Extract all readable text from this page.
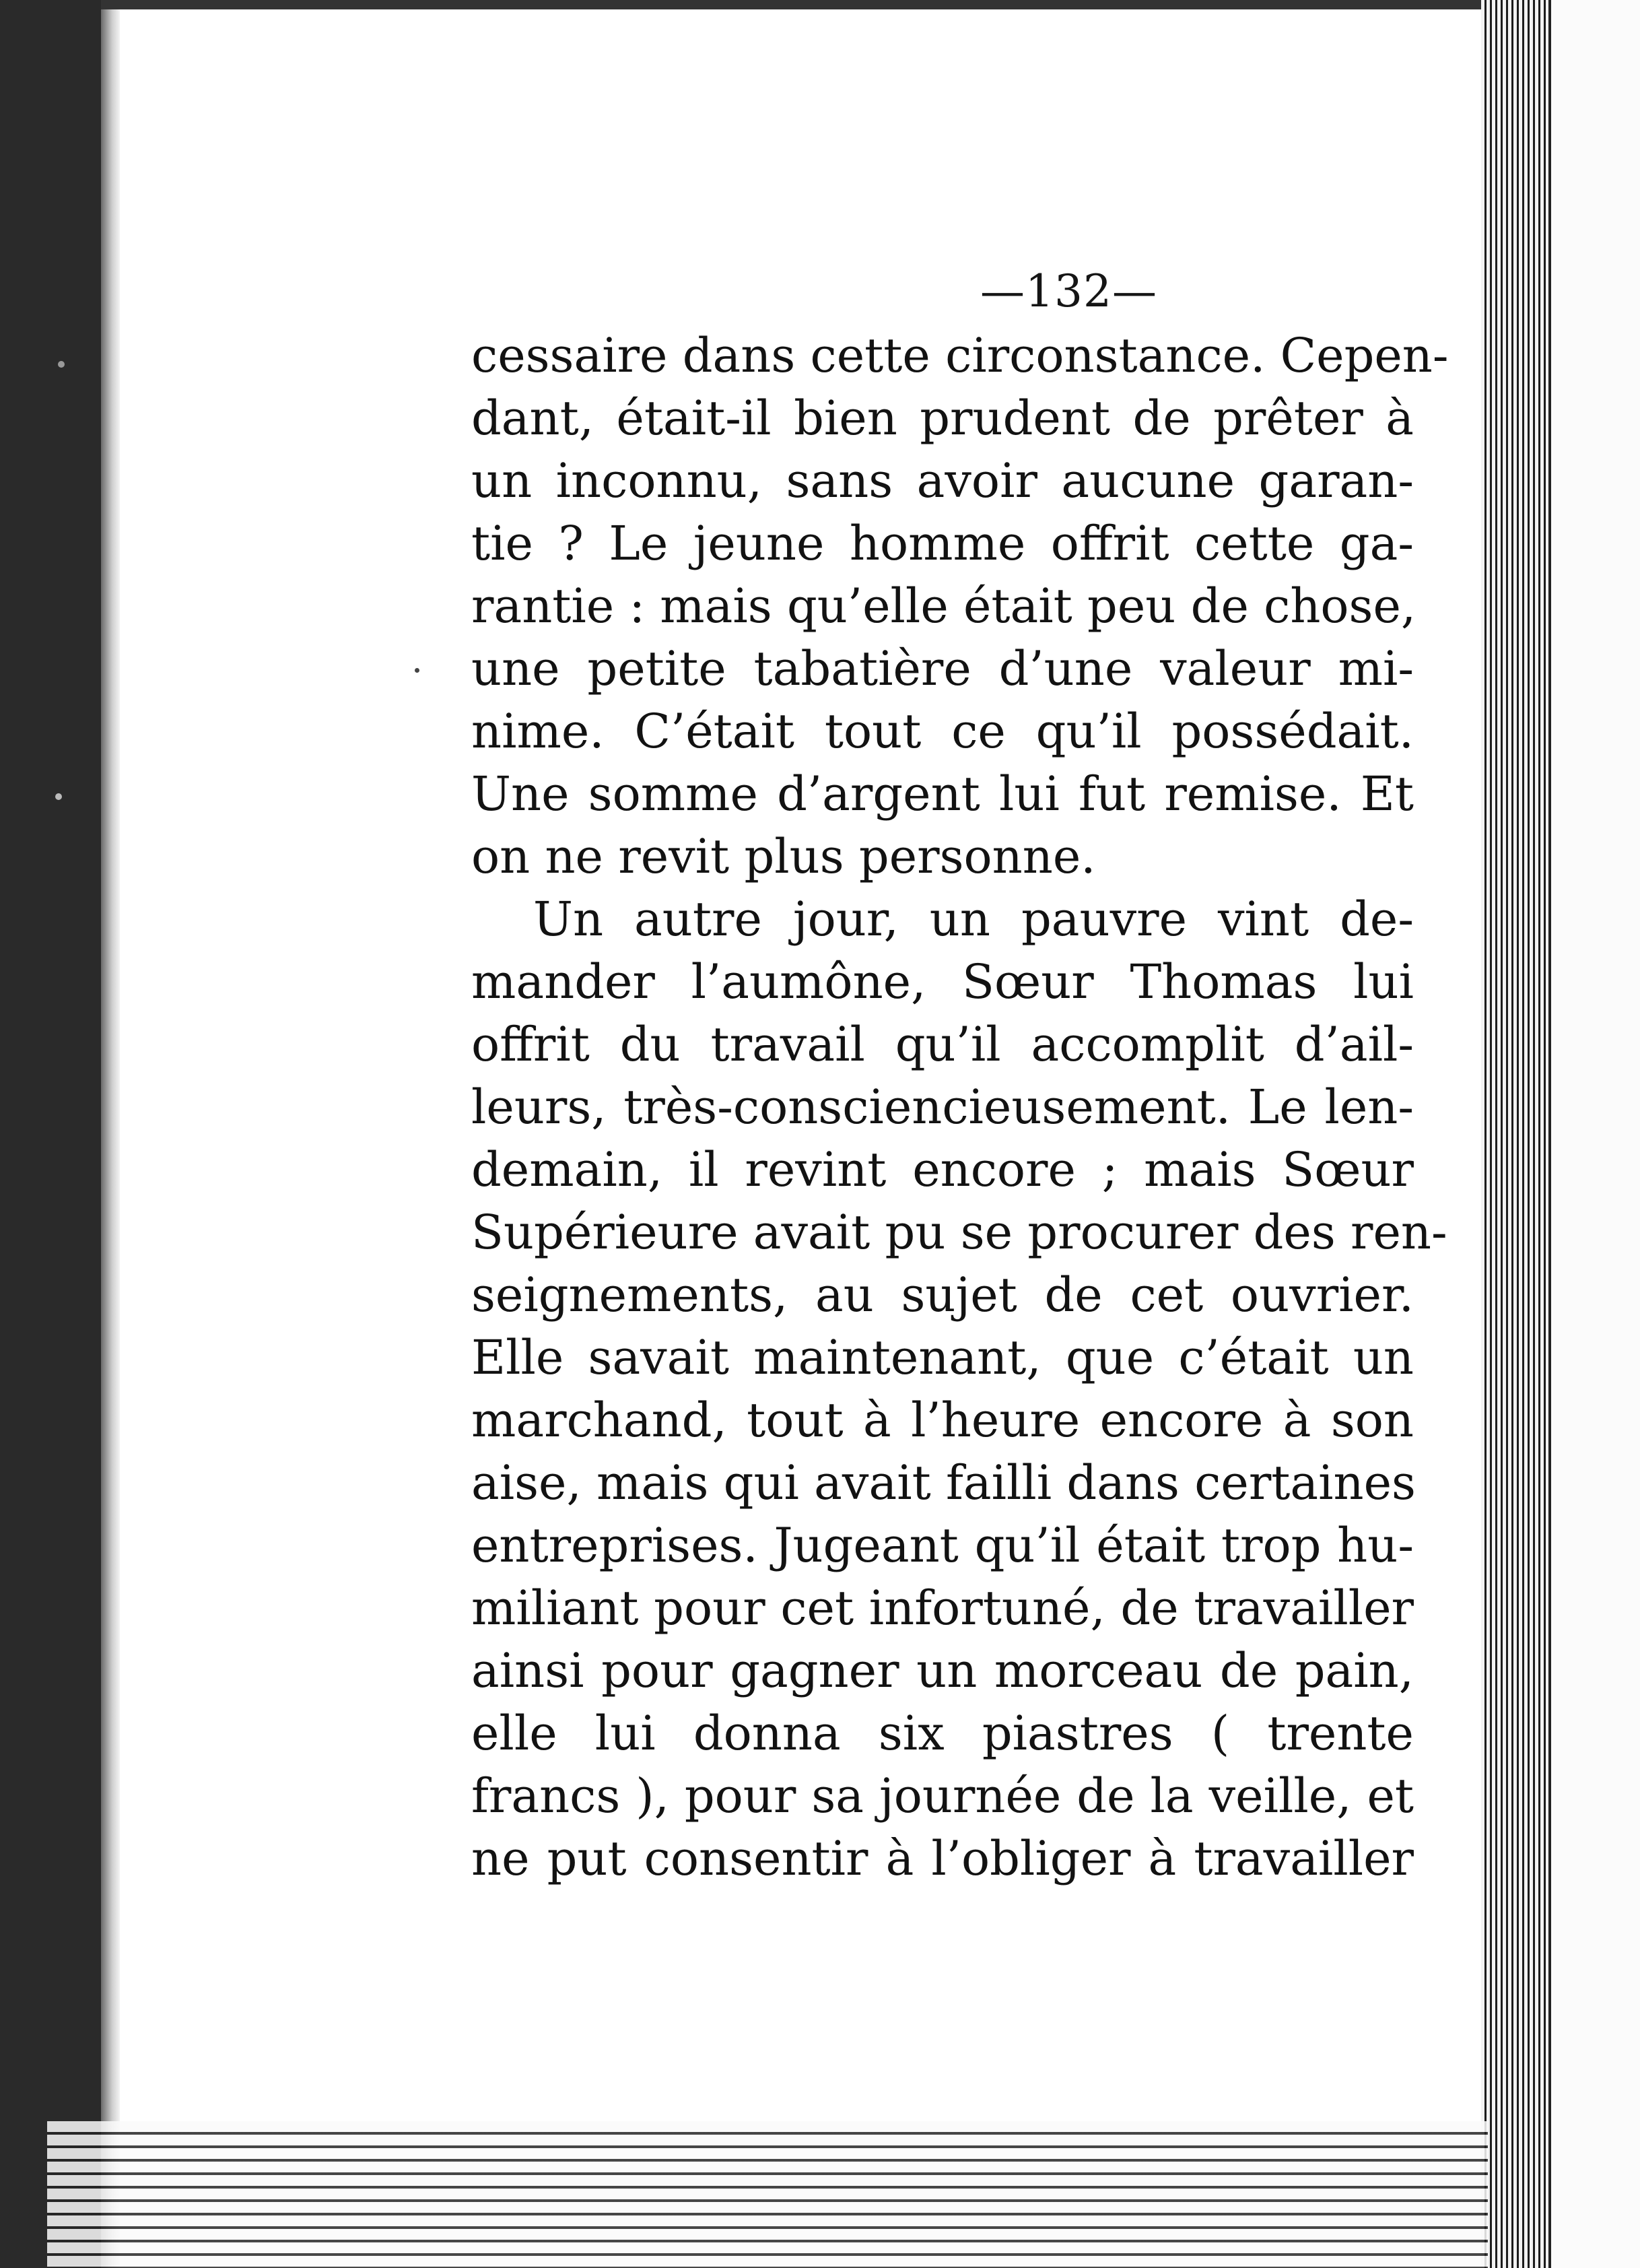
—132—
cessaire dans cette circonstance. Cepen-
dant, était-il bien prudent de prêter à
un inconnu, sans avoir aucune garan-
tie ? Le jeune homme offrit cette ga-
rantie : mais qu’elle était peu de chose,
une petite tabatière d’une valeur mi-
nime. C’était tout ce qu’il possédait.
Une somme d’argent lui fut remise. Et
on ne revit plus personne.
Un autre jour, un pauvre vint de-
mander l’aumône, Sœur Thomas lui
offrit du travail qu’il accomplit d’ail-
leurs, très-consciencieusement. Le len-
demain, il revint encore ; mais Sœur
Supérieure avait pu se procurer des ren-
seignements, au sujet de cet ouvrier.
Elle savait maintenant, que c’était un
marchand, tout à l’heure encore à son
aise, mais qui avait failli dans certaines
entreprises. Jugeant qu’il était trop hu-
miliant pour cet infortuné, de travailler
ainsi pour gagner un morceau de pain,
elle lui donna six piastres ( trente
francs ), pour sa journée de la veille, et
ne put consentir à l’obliger à travailler
